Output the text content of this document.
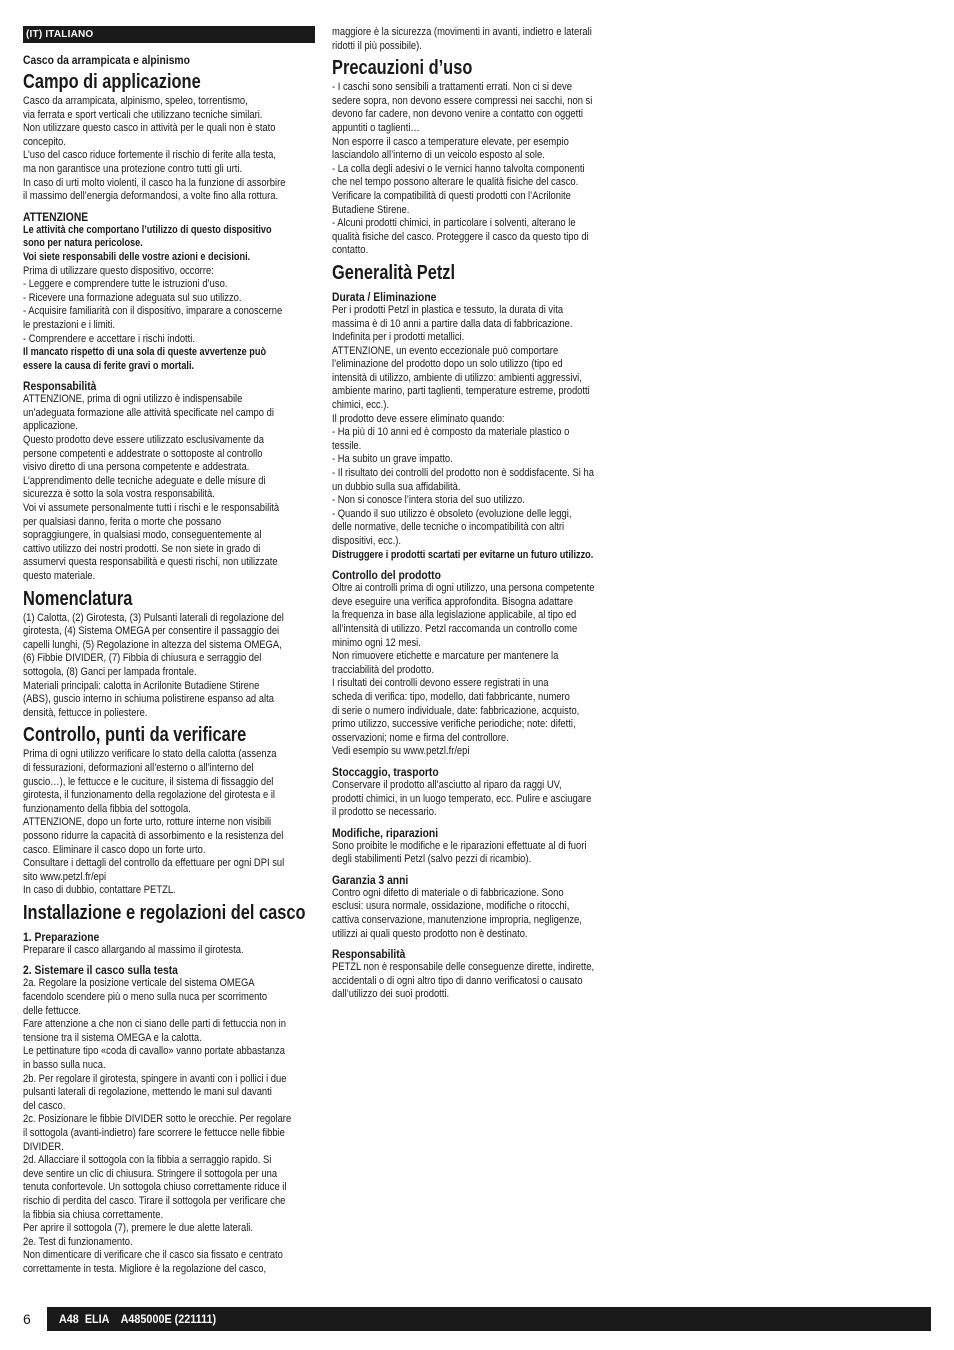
(IT) ITALIANO
Casco da arrampicata e alpinismo
Campo di applicazione

Casco da arrampicata, alpinismo, speleo, torrentismo,
via ferrata e sport verticali che utilizzano tecniche similari.
Non utilizzare questo casco in attività per le quali non è stato
concepito.
L’uso del casco riduce fortemente il rischio di ferite alla testa,
ma non garantisce una protezione contro tutti gli urti.
In caso di urti molto violenti, il casco ha la funzione di assorbire
il massimo dell’energia deformandosi, a volte fino alla rottura.

ATTENZIONE

Le attività che comportano l’utilizzo di questo dispositivo
sono per natura pericolose.
Voi siete responsabili delle vostre azioni e decisioni.

Prima di utilizzare questo dispositivo, occorre:
- Leggere e comprendere tutte le istruzioni d’uso.
- Ricevere una formazione adeguata sul suo utilizzo.
- Acquisire familiarità con il dispositivo, imparare a conoscerne
le prestazioni e i limiti.
- Comprendere e accettare i rischi indotti.

Il mancato rispetto di una sola di queste avvertenze può
essere la causa di ferite gravi o mortali.

Responsabilità

ATTENZIONE, prima di ogni utilizzo è indispensabile
un’adeguata formazione alle attività specificate nel campo di
applicazione.
Questo prodotto deve essere utilizzato esclusivamente da
persone competenti e addestrate o sottoposte al controllo
visivo diretto di una persona competente e addestrata.
L’apprendimento delle tecniche adeguate e delle misure di
sicurezza è sotto la sola vostra responsabilità.
Voi vi assumete personalmente tutti i rischi e le responsabilità
per qualsiasi danno, ferita o morte che possano
sopraggiungere, in qualsiasi modo, conseguentemente al
cattivo utilizzo dei nostri prodotti. Se non siete in grado di
assumervi questa responsabilità e questi rischi, non utilizzate
questo materiale.

Nomenclatura

(1) Calotta, (2) Girotesta, (3) Pulsanti laterali di regolazione del
girotesta, (4) Sistema OMEGA per consentire il passaggio dei
capelli lunghi, (5) Regolazione in altezza del sistema OMEGA,
(6) Fibbie DIVIDER, (7) Fibbia di chiusura e serraggio del
sottogola, (8) Ganci per lampada frontale.
Materiali principali: calotta in Acrilonite Butadiene Stirene
(ABS), guscio interno in schiuma polistirene espanso ad alta
densità, fettucce in poliestere.

Controllo, punti da verificare

Prima di ogni utilizzo verificare lo stato della calotta (assenza
di fessurazioni, deformazioni all’esterno o all’interno del
guscio…), le fettucce e le cuciture, il sistema di fissaggio del
girotesta, il funzionamento della regolazione del girotesta e il
funzionamento della fibbia del sottogola.
ATTENZIONE, dopo un forte urto, rotture interne non visibili
possono ridurre la capacità di assorbimento e la resistenza del
casco. Eliminare il casco dopo un forte urto.
Consultare i dettagli del controllo da effettuare per ogni DPI sul
sito www.petzl.fr/epi
In caso di dubbio, contattare PETZL.

Installazione e regolazioni del casco
1. Preparazione

Preparare il casco allargando al massimo il girotesta.

2. Sistemare il casco sulla testa

2a. Regolare la posizione verticale del sistema OMEGA
facendolo scendere più o meno sulla nuca per scorrimento
delle fettucce.
Fare attenzione a che non ci siano delle parti di fettuccia non in
tensione tra il sistema OMEGA e la calotta.
Le pettinature tipo «coda di cavallo» vanno portate abbastanza
in basso sulla nuca.
2b. Per regolare il girotesta, spingere in avanti con i pollici i due
pulsanti laterali di regolazione, mettendo le mani sul davanti
del casco.
2c. Posizionare le fibbie DIVIDER sotto le orecchie. Per regolare
il sottogola (avanti-indietro) fare scorrere le fettucce nelle fibbie
DIVIDER.
2d. Allacciare il sottogola con la fibbia a serraggio rapido. Si
deve sentire un clic di chiusura. Stringere il sottogola per una
tenuta confortevole. Un sottogola chiuso correttamente riduce il
rischio di perdita del casco. Tirare il sottogola per verificare che
la fibbia sia chiusa correttamente.
Per aprire il sottogola (7), premere le due alette laterali.
2e. Test di funzionamento.
Non dimenticare di verificare che il casco sia fissato e centrato
correttamente in testa. Migliore è la regolazione del casco,

maggiore è la sicurezza (movimenti in avanti, indietro e laterali
ridotti il più possibile).

Precauzioni d’uso

- I caschi sono sensibili a trattamenti errati. Non ci si deve
sedere sopra, non devono essere compressi nei sacchi, non si
devono far cadere, non devono venire a contatto con oggetti
appuntiti o taglienti…
Non esporre il casco a temperature elevate, per esempio
lasciandolo all’interno di un veicolo esposto al sole.
- La colla degli adesivi o le vernici hanno talvolta componenti
che nel tempo possono alterare le qualità fisiche del casco.
Verificare la compatibilità di questi prodotti con l’Acrilonite
Butadiene Stirene.
- Alcuni prodotti chimici, in particolare i solventi, alterano le
qualità fisiche del casco. Proteggere il casco da questo tipo di
contatto.

Generalità Petzl
Durata / Eliminazione

Per i prodotti Petzl in plastica e tessuto, la durata di vita
massima è di 10 anni a partire dalla data di fabbricazione.
Indefinita per i prodotti metallici.
ATTENZIONE, un evento eccezionale può comportare
l’eliminazione del prodotto dopo un solo utilizzo (tipo ed
intensità di utilizzo, ambiente di utilizzo: ambienti aggressivi,
ambiente marino, parti taglienti, temperature estreme, prodotti
chimici, ecc.).
Il prodotto deve essere eliminato quando:
- Ha più di 10 anni ed è composto da materiale plastico o
tessile.
- Ha subito un grave impatto.
- Il risultato dei controlli del prodotto non è soddisfacente. Si ha
un dubbio sulla sua affidabilità.
- Non si conosce l’intera storia del suo utilizzo.
- Quando il suo utilizzo è obsoleto (evoluzione delle leggi,
delle normative, delle tecniche o incompatibilità con altri
dispositivi, ecc.).

Distruggere i prodotti scartati per evitarne un futuro utilizzo.

Controllo del prodotto

Oltre ai controlli prima di ogni utilizzo, una persona competente
deve eseguire una verifica approfondita. Bisogna adattare
la frequenza in base alla legislazione applicabile, al tipo ed
all’intensità di utilizzo. Petzl raccomanda un controllo come
minimo ogni 12 mesi.
Non rimuovere etichette e marcature per mantenere la
tracciabilità del prodotto.
I risultati dei controlli devono essere registrati in una
scheda di verifica: tipo, modello, dati fabbricante, numero
di serie o numero individuale, date: fabbricazione, acquisto,
primo utilizzo, successive verifiche periodiche; note: difetti,
osservazioni; nome e firma del controllore.
Vedi esempio su www.petzl.fr/epi

Stoccaggio, trasporto

Conservare il prodotto all’asciutto al riparo da raggi UV,
prodotti chimici, in un luogo temperato, ecc. Pulire e asciugare
il prodotto se necessario.

Modifiche, riparazioni

Sono proibite le modifiche e le riparazioni effettuate al di fuori
degli stabilimenti Petzl (salvo pezzi di ricambio).

Garanzia 3 anni

Contro ogni difetto di materiale o di fabbricazione. Sono
esclusi: usura normale, ossidazione, modifiche o ritocchi,
cattiva conservazione, manutenzione impropria, negligenze,
utilizzi ai quali questo prodotto non è destinato.

Responsabilità

PETZL non è responsabile delle conseguenze dirette, indirette,
accidentali o di ogni altro tipo di danno verificatosi o causato
dall’utilizzo dei suoi prodotti.

6	A48  ELIA    A485000E (221111)
